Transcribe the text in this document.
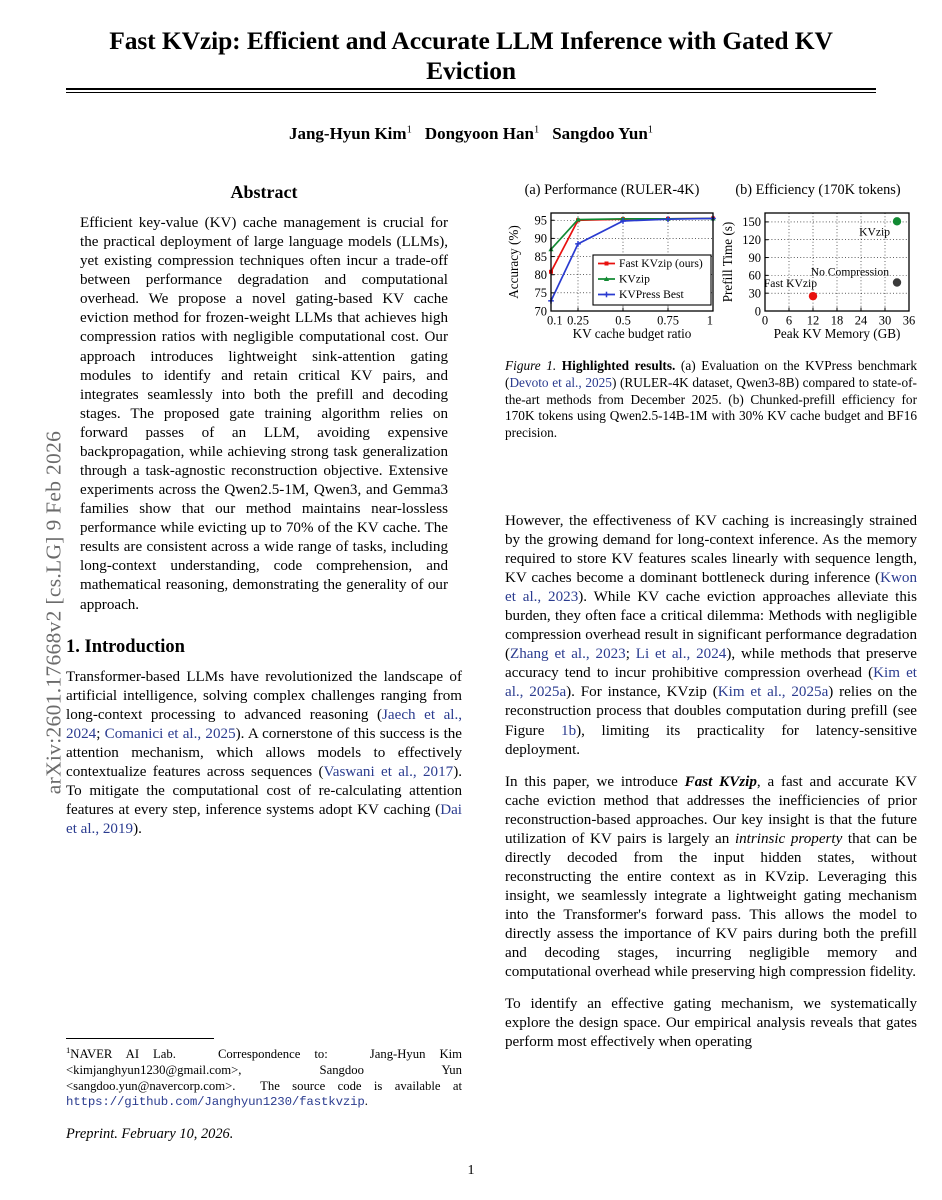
arXiv:2601.17668v2 [cs.LG] 9 Feb 2026
Fast KVzip: Efficient and Accurate LLM Inference with Gated KV Eviction
Jang-Hyun Kim$^1$ Dongyoon Han$^1$ Sangdoo Yun$^1$
Abstract

Efficient key-value (KV) cache management is crucial for the practical deployment of large language models (LLMs), yet existing compression techniques often incur a trade-off between performance degradation and computational overhead. We propose a novel gating-based KV cache eviction method for frozen-weight LLMs that achieves high compression ratios with negligible computational cost. Our approach introduces lightweight sink-attention gating modules to identify and retain critical KV pairs, and integrates seamlessly into both the prefill and decoding stages. The proposed gate training algorithm relies on forward passes of an LLM, avoiding expensive backpropagation, while achieving strong task generalization through a task-agnostic reconstruction objective. Extensive experiments across the Qwen2.5-1M, Qwen3, and Gemma3 families show that our method maintains near-lossless performance while evicting up to 70% of the KV cache. The results are consistent across a wide range of tasks, including long-context understanding, code comprehension, and mathematical reasoning, demonstrating the generality of our approach.

1. Introduction

Transformer-based LLMs have revolutionized the landscape of artificial intelligence, solving complex challenges ranging from long-context processing to advanced reasoning (Jaech et al., 2024; Comanici et al., 2025). A cornerstone of this success is the attention mechanism, which allows models to effectively contextualize features across sequences (Vaswani et al., 2017). To mitigate the computational cost of re-calculating attention features at every step, inference systems adopt KV caching (Dai et al., 2019).

$^1$NAVER AI Lab.	Correspondence to:	Jang-Hyun Kim <kimjanghyun1230@gmail.com>, Sangdoo Yun <sangdoo.yun@navercorp.com>. The source code is available at https://github.com/Janghyun1230/fastkvzip.
Preprint. February 10, 2026.
(a) Performance (RULER-4K)	(b) Efficiency (170K tokens)
70
75
80
85
90
95
0.1 0.25 0.5 0.75 1
KV cache budget ratio
Accuracy (%)	Fast KVzip (ours)
KVzip
KVPress Best
KVzip
No Compression
Fast KVzip
0
30
60
90
120
150
0 6 12 18 24 30 36
Peak KV Memory (GB)
Prefill Time (s)
Figure 1. Highlighted results. (a) Evaluation on the KVPress benchmark (Devoto et al., 2025) (RULER-4K dataset, Qwen3-8B) compared to state-of-the-art methods from December 2025. (b) Chunked-prefill efficiency for 170K tokens using Qwen2.5-14B-1M with 30% KV cache budget and BF16 precision.

However, the effectiveness of KV caching is increasingly strained by the growing demand for long-context inference. As the memory required to store KV features scales linearly with sequence length, KV caches become a dominant bottleneck during inference (Kwon et al., 2023). While KV cache eviction approaches alleviate this burden, they often face a critical dilemma: Methods with negligible compression overhead result in significant performance degradation (Zhang et al., 2023; Li et al., 2024), while methods that preserve accuracy tend to incur prohibitive compression overhead (Kim et al., 2025a). For instance, KVzip (Kim et al., 2025a) relies on the reconstruction process that doubles computation during prefill (see Figure 1b), limiting its practicality for latency-sensitive deployment.

In this paper, we introduce Fast KVzip, a fast and accurate KV cache eviction method that addresses the inefficiencies of prior reconstruction-based approaches. Our key insight is that the future utilization of KV pairs is largely an intrinsic property that can be directly decoded from the input hidden states, without reconstructing the entire context as in KVzip. Leveraging this insight, we seamlessly integrate a lightweight gating mechanism into the Transformer's forward pass. This allows the model to directly assess the importance of KV pairs during both the prefill and decoding stages, incurring negligible memory and computational overhead while preserving high compression fidelity.

To identify an effective gating mechanism, we systematically explore the design space. Our empirical analysis reveals that gates perform most effectively when operating

1
